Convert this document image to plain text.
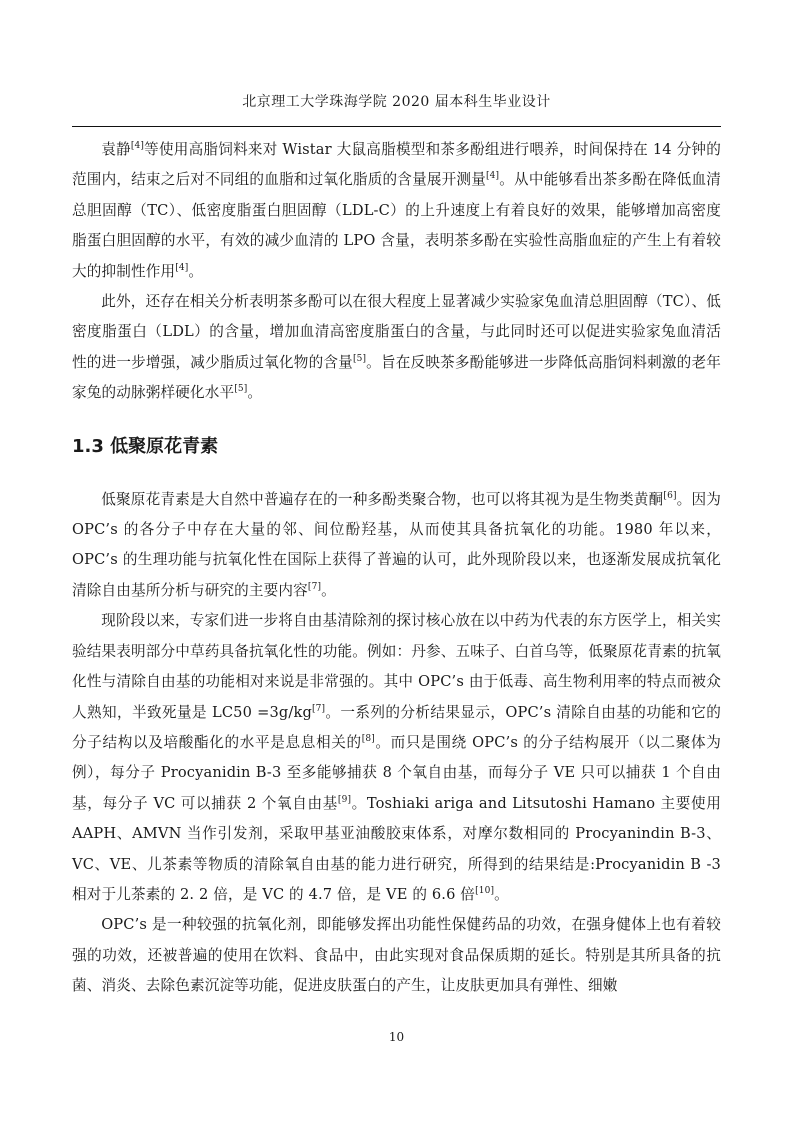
北京理工大学珠海学院 2020 届本科生毕业设计

袁静[4]等使用高脂饲料来对 Wistar 大鼠高脂模型和茶多酚组进行喂养，时间保持在 14 分钟的范围内，结束之后对不同组的血脂和过氧化脂质的含量展开测量[4]。从中能够看出茶多酚在降低血清总胆固醇（TC）、低密度脂蛋白胆固醇（LDL-C）的上升速度上有着良好的效果，能够增加高密度脂蛋白胆固醇的水平，有效的减少血清的 LPO 含量，表明茶多酚在实验性高脂血症的产生上有着较大的抑制性作用[4]。

此外，还存在相关分析表明茶多酚可以在很大程度上显著减少实验家兔血清总胆固醇（TC）、低密度脂蛋白（LDL）的含量，增加血清高密度脂蛋白的含量，与此同时还可以促进实验家兔血清活性的进一步增强，减少脂质过氧化物的含量[5]。旨在反映茶多酚能够进一步降低高脂饲料刺激的老年家兔的动脉粥样硬化水平[5]。

1.3 低聚原花青素

低聚原花青素是大自然中普遍存在的一种多酚类聚合物，也可以将其视为是生物类黄酮[6]。因为 OPC’s 的各分子中存在大量的邻、间位酚羟基，从而使其具备抗氧化的功能。1980 年以来，OPC’s 的生理功能与抗氧化性在国际上获得了普遍的认可，此外现阶段以来，也逐渐发展成抗氧化清除自由基所分析与研究的主要内容[7]。

现阶段以来，专家们进一步将自由基清除剂的探讨核心放在以中药为代表的东方医学上，相关实验结果表明部分中草药具备抗氧化性的功能。例如：丹参、五味子、白首乌等，低聚原花青素的抗氧化性与清除自由基的功能相对来说是非常强的。其中 OPC’s 由于低毒、高生物利用率的特点而被众人熟知，半致死量是 LC50 =3g/kg[7]。一系列的分析结果显示，OPC’s 清除自由基的功能和它的分子结构以及培酸酯化的水平是息息相关的[8]。而只是围绕 OPC’s 的分子结构展开（以二聚体为例），每分子 Procyanidin B-3 至多能够捕获 8 个氧自由基，而每分子 VE 只可以捕获 1 个自由基，每分子 VC 可以捕获 2 个氧自由基[9]。Toshiaki ariga and Litsutoshi Hamano 主要使用 AAPH、AMVN 当作引发剂，采取甲基亚油酸胶束体系，对摩尔数相同的 Procyanindin B-3、VC、VE、儿茶素等物质的清除氧自由基的能力进行研究，所得到的结果结是:Procyanidin B -3 相对于儿茶素的 2. 2 倍，是 VC 的 4.7 倍，是 VE 的 6.6 倍[10]。

OPC’s 是一种较强的抗氧化剂，即能够发挥出功能性保健药品的功效，在强身健体上也有着较强的功效，还被普遍的使用在饮料、食品中，由此实现对食品保质期的延长。特别是其所具备的抗菌、消炎、去除色素沉淀等功能，促进皮肤蛋白的产生，让皮肤更加具有弹性、细嫩

10
